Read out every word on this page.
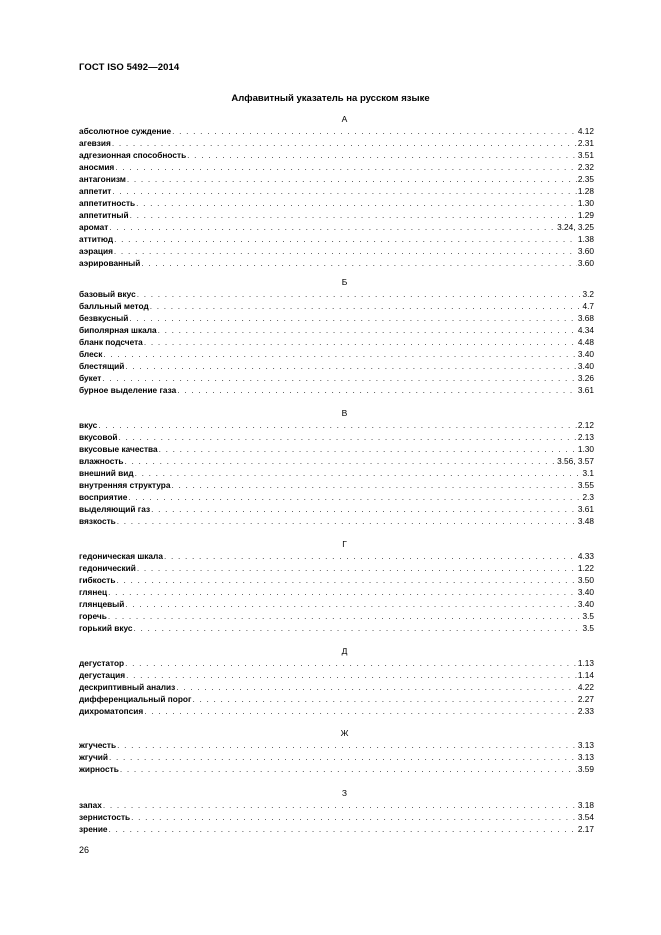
ГОСТ ISO 5492—2014
Алфавитный указатель на русском языке
А
абсолютное суждение . . .	4.12
агевзия . . .	2.31
адгезионная способность . . .	3.51
аносмия . . .	2.32
антагонизм . . .	2.35
аппетит . . .	1.28
аппетитность . . .	1.30
аппетитный . . .	1.29
аромат . . .	3.24, 3.25
аттитюд . . .	1.38
аэрация . . .	3.60
аэрированный . . .	3.60
Б
базовый вкус . . .	3.2
балльный метод . . .	4.7
безвкусный . . .	3.68
биполярная шкала . . .	4.34
бланк подсчета . . .	4.48
блеск . . .	3.40
блестящий . . .	3.40
букет . . .	3.26
бурное выделение газа . . .	3.61
В
вкус . . .	2.12
вкусовой . . .	2.13
вкусовые качества . . .	1.30
влажность . . .	3.56, 3.57
внешний вид . . .	3.1
внутренняя структура . . .	3.55
восприятие . . .	2.3
выделяющий газ . . .	3.61
вязкость . . .	3.48
Г
гедоническая шкала . . .	4.33
гедонический . . .	1.22
гибкость . . .	3.50
глянец . . .	3.40
глянцевый . . .	3.40
горечь . . .	3.5
горький вкус . . .	3.5
Д
дегустатор . . .	1.13
дегустация . . .	1.14
дескриптивный анализ . . .	4.22
дифференциальный порог . . .	2.27
дихроматопсия . . .	2.33
Ж
жгучесть . . .	3.13
жгучий . . .	3.13
жирность . . .	3.59
З
запах . . .	3.18
зернистость . . .	3.54
зрение . . .	2.17
26
